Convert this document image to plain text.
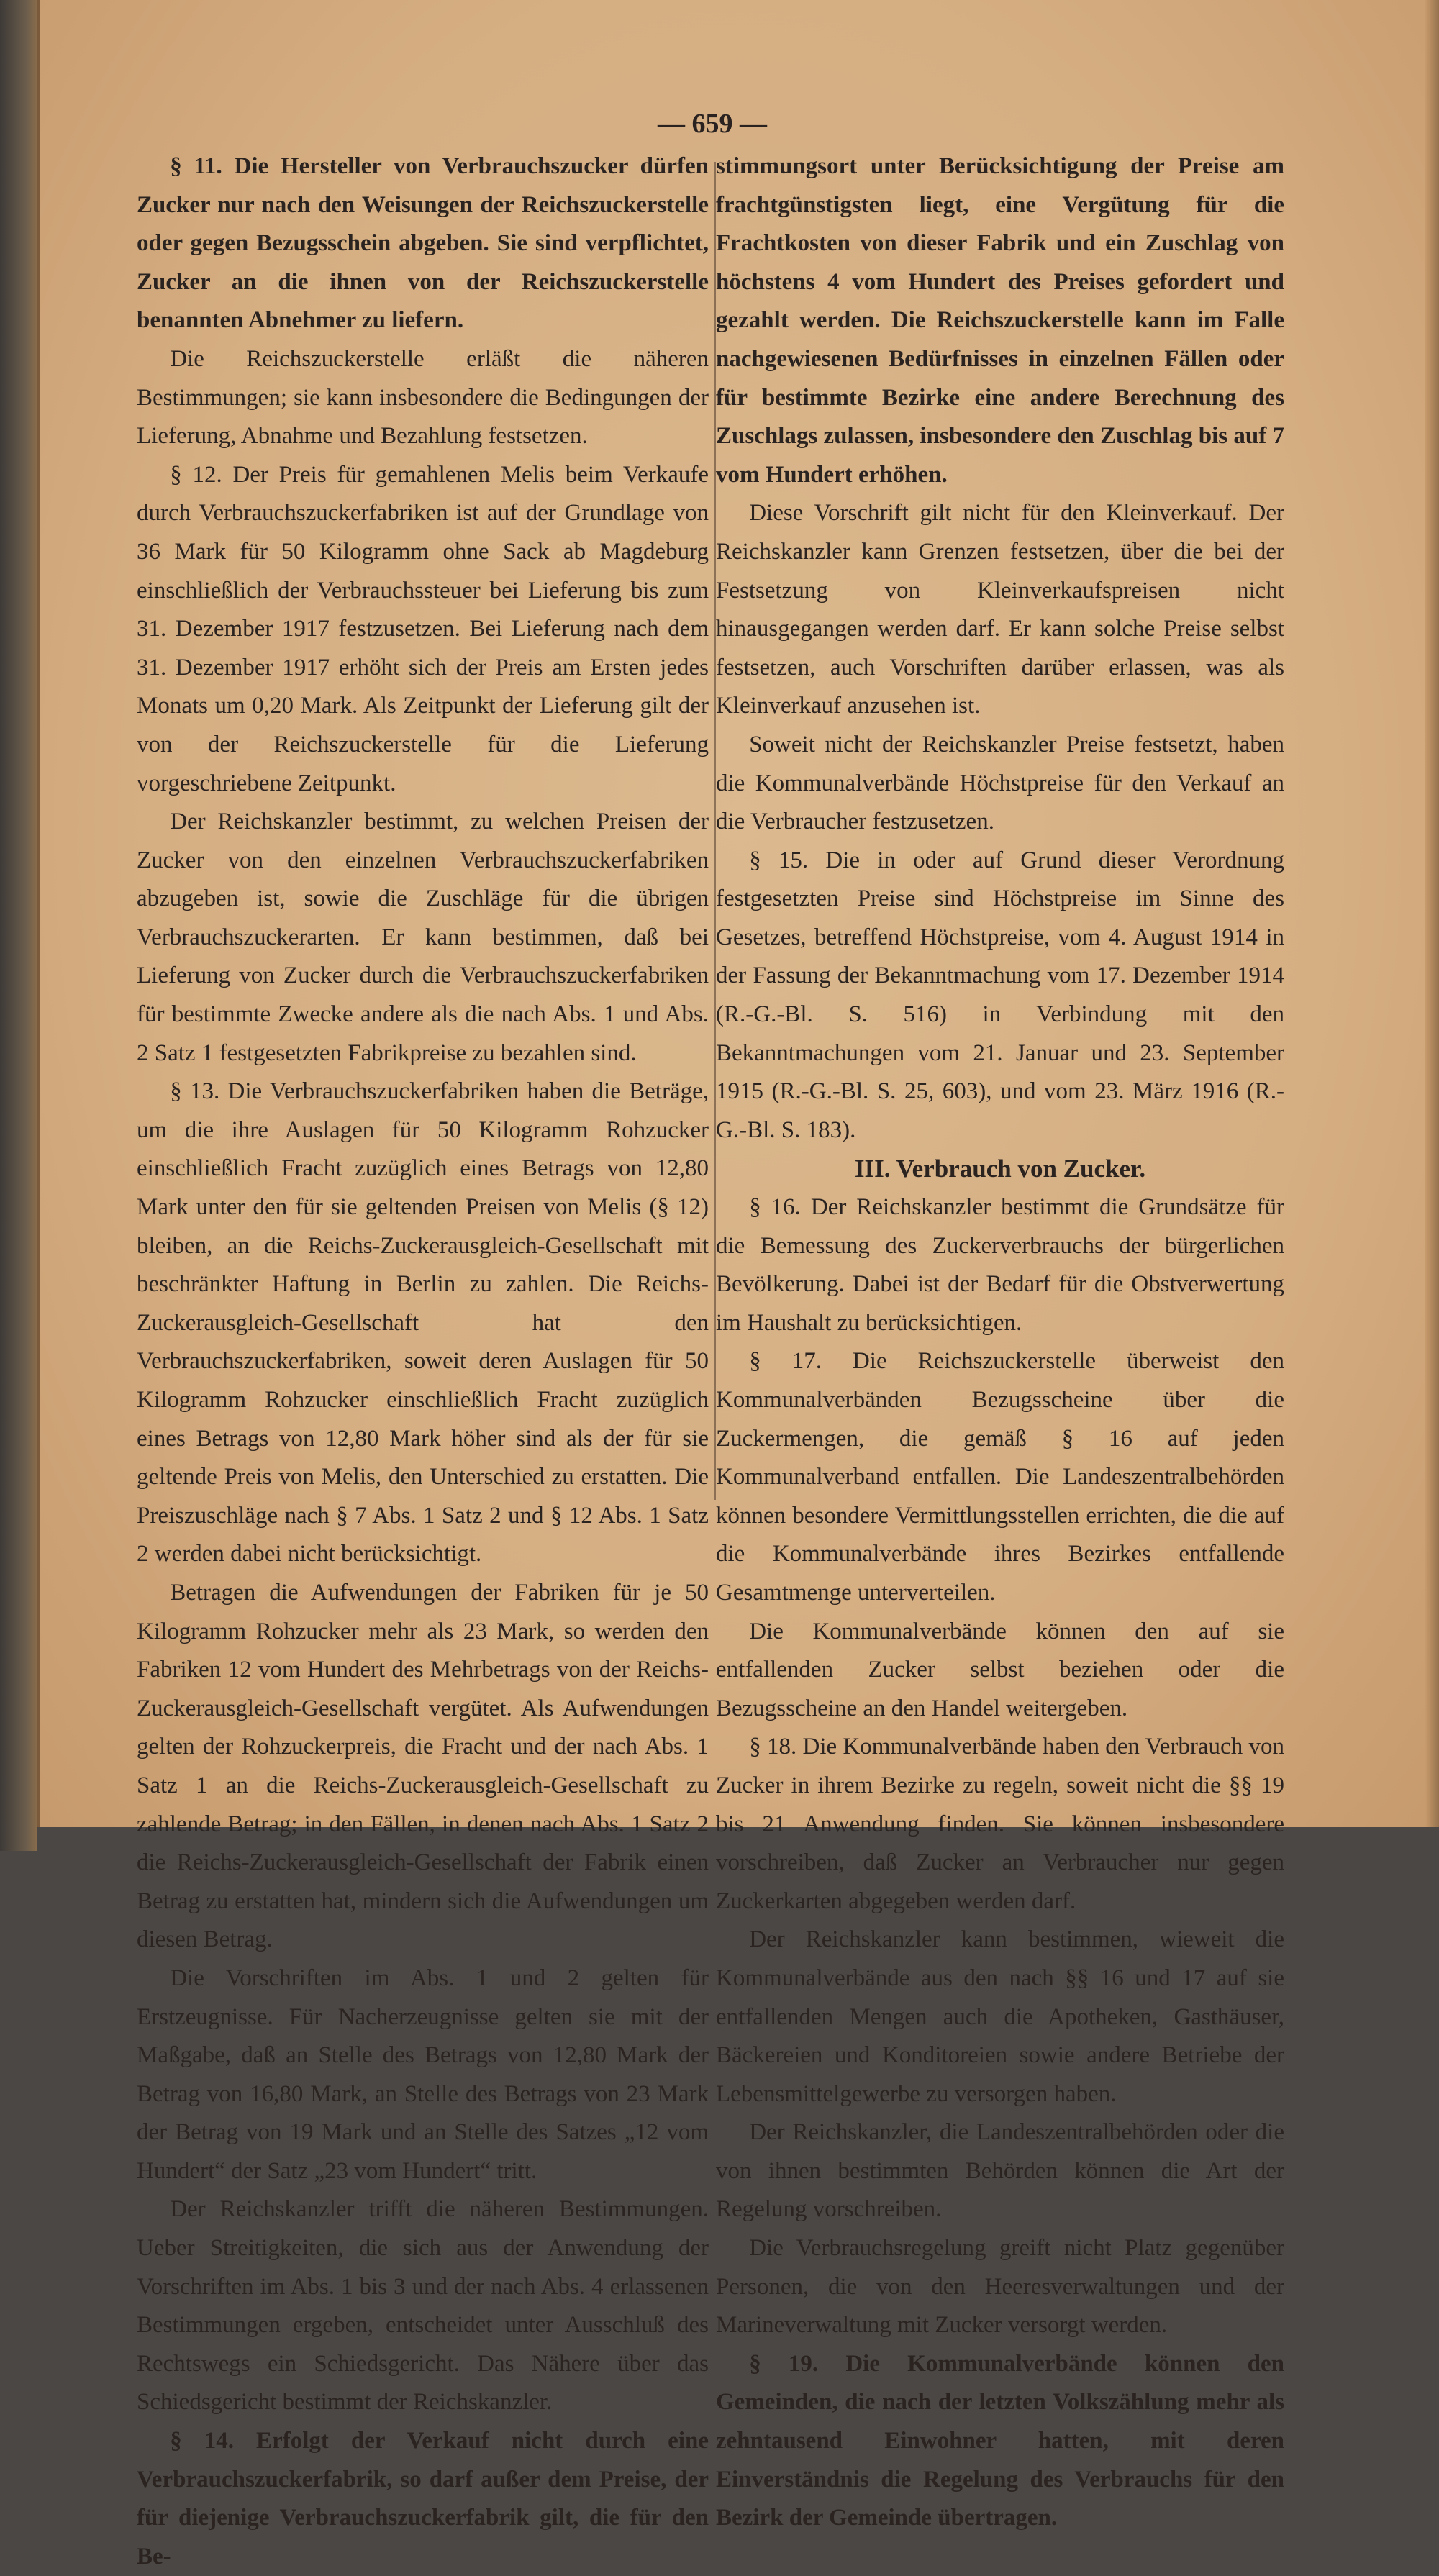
— 659 —

§ 11. Die Hersteller von Verbrauchszucker dürfen Zucker nur nach den Weisungen der Reichszuckerstelle oder gegen Bezugsschein abgeben. Sie sind verpflichtet, Zucker an die ihnen von der Reichszuckerstelle benannten Abnehmer zu liefern.

Die Reichszuckerstelle erläßt die näheren Bestimmungen; sie kann insbesondere die Bedingungen der Lieferung, Abnahme und Bezahlung festsetzen.

§ 12. Der Preis für gemahlenen Melis beim Verkaufe durch Verbrauchszuckerfabriken ist auf der Grundlage von 36 Mark für 50 Kilogramm ohne Sack ab Magdeburg einschließlich der Verbrauchssteuer bei Lieferung bis zum 31. Dezember 1917 festzusetzen. Bei Lieferung nach dem 31. Dezember 1917 erhöht sich der Preis am Ersten jedes Monats um 0,20 Mark. Als Zeitpunkt der Lieferung gilt der von der Reichszuckerstelle für die Lieferung vorgeschriebene Zeitpunkt.

Der Reichskanzler bestimmt, zu welchen Preisen der Zucker von den einzelnen Verbrauchszuckerfabriken abzugeben ist, sowie die Zuschläge für die übrigen Verbrauchszuckerarten. Er kann bestimmen, daß bei Lieferung von Zucker durch die Verbrauchszuckerfabriken für bestimmte Zwecke andere als die nach Abs. 1 und Abs. 2 Satz 1 festgesetzten Fabrikpreise zu bezahlen sind.

§ 13. Die Verbrauchszuckerfabriken haben die Beträge, um die ihre Auslagen für 50 Kilogramm Rohzucker einschließlich Fracht zuzüglich eines Betrags von 12,80 Mark unter den für sie geltenden Preisen von Melis (§ 12) bleiben, an die Reichs-Zuckerausgleich-Gesellschaft mit beschränkter Haftung in Berlin zu zahlen. Die Reichs-Zuckerausgleich-Gesellschaft hat den Verbrauchszuckerfabriken, soweit deren Auslagen für 50 Kilogramm Rohzucker einschließlich Fracht zuzüglich eines Betrags von 12,80 Mark höher sind als der für sie geltende Preis von Melis, den Unterschied zu erstatten. Die Preiszuschläge nach § 7 Abs. 1 Satz 2 und § 12 Abs. 1 Satz 2 werden dabei nicht berücksichtigt.

Betragen die Aufwendungen der Fabriken für je 50 Kilogramm Rohzucker mehr als 23 Mark, so werden den Fabriken 12 vom Hundert des Mehrbetrags von der Reichs-Zuckerausgleich-Gesellschaft vergütet. Als Aufwendungen gelten der Rohzuckerpreis, die Fracht und der nach Abs. 1 Satz 1 an die Reichs-Zuckerausgleich-Gesellschaft zu zahlende Betrag; in den Fällen, in denen nach Abs. 1 Satz 2 die Reichs-Zuckerausgleich-Gesellschaft der Fabrik einen Betrag zu erstatten hat, mindern sich die Aufwendungen um diesen Betrag.

Die Vorschriften im Abs. 1 und 2 gelten für Erstzeugnisse. Für Nacherzeugnisse gelten sie mit der Maßgabe, daß an Stelle des Betrags von 12,80 Mark der Betrag von 16,80 Mark, an Stelle des Betrags von 23 Mark der Betrag von 19 Mark und an Stelle des Satzes „12 vom Hundert“ der Satz „23 vom Hundert“ tritt.

Der Reichskanzler trifft die näheren Bestimmungen. Ueber Streitigkeiten, die sich aus der Anwendung der Vorschriften im Abs. 1 bis 3 und der nach Abs. 4 erlassenen Bestimmungen ergeben, entscheidet unter Ausschluß des Rechtswegs ein Schiedsgericht. Das Nähere über das Schiedsgericht bestimmt der Reichskanzler.

§ 14. Erfolgt der Verkauf nicht durch eine Verbrauchszuckerfabrik, so darf außer dem Preise, der für diejenige Verbrauchszuckerfabrik gilt, die für den Be-

stimmungsort unter Berücksichtigung der Preise am frachtgünstigsten liegt, eine Vergütung für die Frachtkosten von dieser Fabrik und ein Zuschlag von höchstens 4 vom Hundert des Preises gefordert und gezahlt werden. Die Reichszuckerstelle kann im Falle nachgewiesenen Bedürfnisses in einzelnen Fällen oder für bestimmte Bezirke eine andere Berechnung des Zuschlags zulassen, insbesondere den Zuschlag bis auf 7 vom Hundert erhöhen.

Diese Vorschrift gilt nicht für den Kleinverkauf. Der Reichskanzler kann Grenzen festsetzen, über die bei der Festsetzung von Kleinverkaufspreisen nicht hinausgegangen werden darf. Er kann solche Preise selbst festsetzen, auch Vorschriften darüber erlassen, was als Kleinverkauf anzusehen ist.

Soweit nicht der Reichskanzler Preise festsetzt, haben die Kommunalverbände Höchstpreise für den Verkauf an die Verbraucher festzusetzen.

§ 15. Die in oder auf Grund dieser Verordnung festgesetzten Preise sind Höchstpreise im Sinne des Gesetzes, betreffend Höchstpreise, vom 4. August 1914 in der Fassung der Bekanntmachung vom 17. Dezember 1914 (R.-G.-Bl. S. 516) in Verbindung mit den Bekanntmachungen vom 21. Januar und 23. September 1915 (R.-G.-Bl. S. 25, 603), und vom 23. März 1916 (R.-G.-Bl. S. 183).

III. Verbrauch von Zucker.

§ 16. Der Reichskanzler bestimmt die Grundsätze für die Bemessung des Zuckerverbrauchs der bürgerlichen Bevölkerung. Dabei ist der Bedarf für die Obstverwertung im Haushalt zu berücksichtigen.

§ 17. Die Reichszuckerstelle überweist den Kommunalverbänden Bezugsscheine über die Zuckermengen, die gemäß § 16 auf jeden Kommunalverband entfallen. Die Landeszentralbehörden können besondere Vermittlungsstellen errichten, die die auf die Kommunalverbände ihres Bezirkes entfallende Gesamtmenge unterverteilen.

Die Kommunalverbände können den auf sie entfallenden Zucker selbst beziehen oder die Bezugsscheine an den Handel weitergeben.

§ 18. Die Kommunalverbände haben den Verbrauch von Zucker in ihrem Bezirke zu regeln, soweit nicht die §§ 19 bis 21 Anwendung finden. Sie können insbesondere vorschreiben, daß Zucker an Verbraucher nur gegen Zuckerkarten abgegeben werden darf.

Der Reichskanzler kann bestimmen, wieweit die Kommunalverbände aus den nach §§ 16 und 17 auf sie entfallenden Mengen auch die Apotheken, Gasthäuser, Bäckereien und Konditoreien sowie andere Betriebe der Lebensmittelgewerbe zu versorgen haben.

Der Reichskanzler, die Landeszentralbehörden oder die von ihnen bestimmten Behörden können die Art der Regelung vorschreiben.

Die Verbrauchsregelung greift nicht Platz gegenüber Personen, die von den Heeresverwaltungen und der Marineverwaltung mit Zucker versorgt werden.

§ 19. Die Kommunalverbände können den Gemeinden, die nach der letzten Volkszählung mehr als zehntausend Einwohner hatten, mit deren Einverständnis die Regelung des Verbrauchs für den Bezirk der Gemeinde übertragen.
